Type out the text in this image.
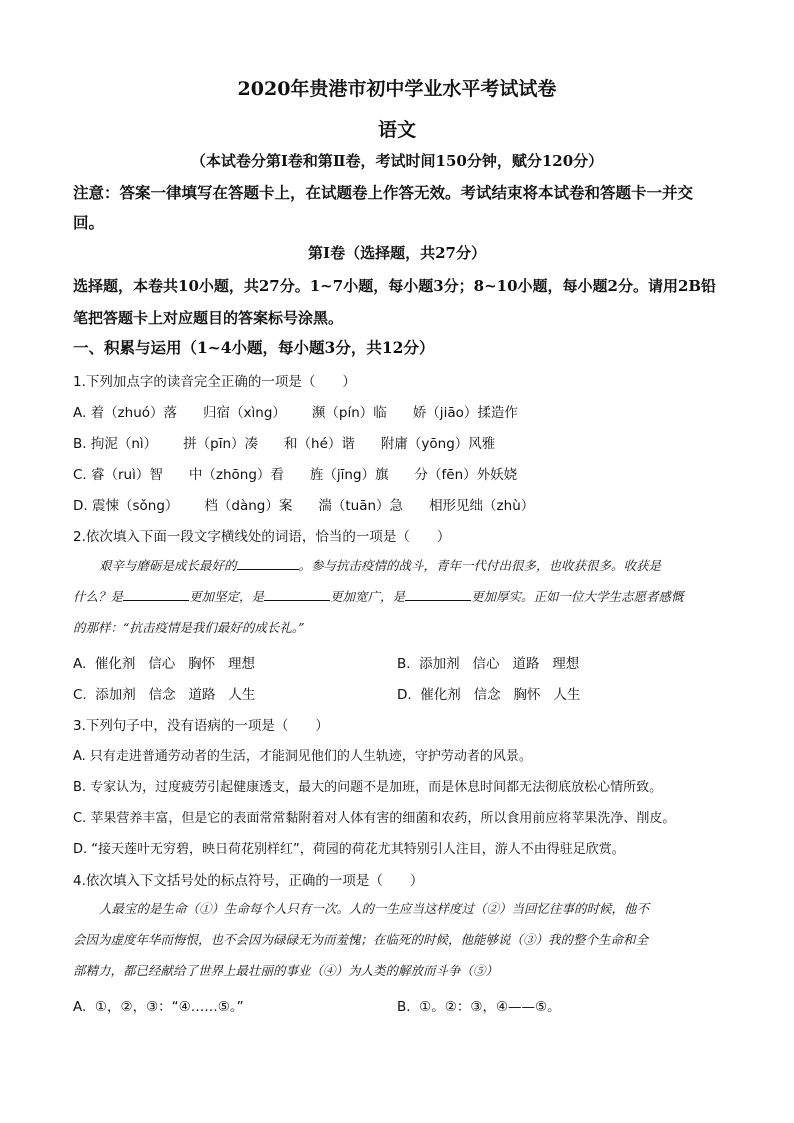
2020年贵港市初中学业水平考试试卷
语文
（本试卷分第Ⅰ卷和第Ⅱ卷，考试时间150分钟，赋分120分）
注意：答案一律填写在答题卡上，在试题卷上作答无效。考试结束将本试卷和答题卡一并交回。
第Ⅰ卷（选择题，共27分）
选择题，本卷共10小题，共27分。1~7小题，每小题3分；8~10小题，每小题2分。请用2B铅笔把答题卡上对应题目的答案标号涂黑。
一、积累与运用（1~4小题，每小题3分，共12分）
1.下列加点字的读音完全正确的一项是（　　）
A. 着（zhuó）落 归宿（xìng） 濒（pín）临 娇（jiāo）揉造作
B. 拘泥（nì） 拼（pīn）凑 和（hé）谐 附庸（yōng）风雅
C. 睿（ruì）智 中（zhōng）看 旌（jīng）旗 分（fēn）外妖娆
D. 震悚（sǒng） 档（dàng）案 湍（tuān）急 相形见绌（zhù）
2.依次填入下面一段文字横线处的词语，恰当的一项是（　　）
艰辛与磨砺是成长最好的	。参与抗击疫情的战斗，青年一代付出很多，也收获很多。收获是
什么？是	更加坚定，是	更加宽广，是	更加厚实。正如一位大学生志愿者感慨
的那样：“抗击疫情是我们最好的成长礼。”
A.  催化剂   信心   胸怀   理想	B.  添加剂   信心   道路   理想
C.  添加剂   信念   道路   人生	D.  催化剂   信念   胸怀   人生
3.下列句子中，没有语病的一项是（　　）
A. 只有走进普通劳动者的生活，才能洞见他们的人生轨迹，守护劳动者的风景。
B. 专家认为，过度疲劳引起健康透支，最大的问题不是加班，而是休息时间都无法彻底放松心情所致。
C. 苹果营养丰富，但是它的表面常常黏附着对人体有害的细菌和农药，所以食用前应将苹果洗净、削皮。
D. “接天莲叶无穷碧，映日荷花别样红”，荷园的荷花尤其特别引人注目，游人不由得驻足欣赏。
4.依次填入下文括号处的标点符号，正确的一项是（　　）
人最宝的是生命（①）生命每个人只有一次。人的一生应当这样度过（②）当回忆往事的时候，他不
会因为虚度年华而悔恨，也不会因为碌碌无为而羞愧；在临死的时候，他能够说（③）我的整个生命和全
部精力，都已经献给了世界上最壮丽的事业（④）为人类的解放而斗争（⑤）
A.  ①，②，③：“④……⑤。”	B.  ①。②：③，④——⑤。
